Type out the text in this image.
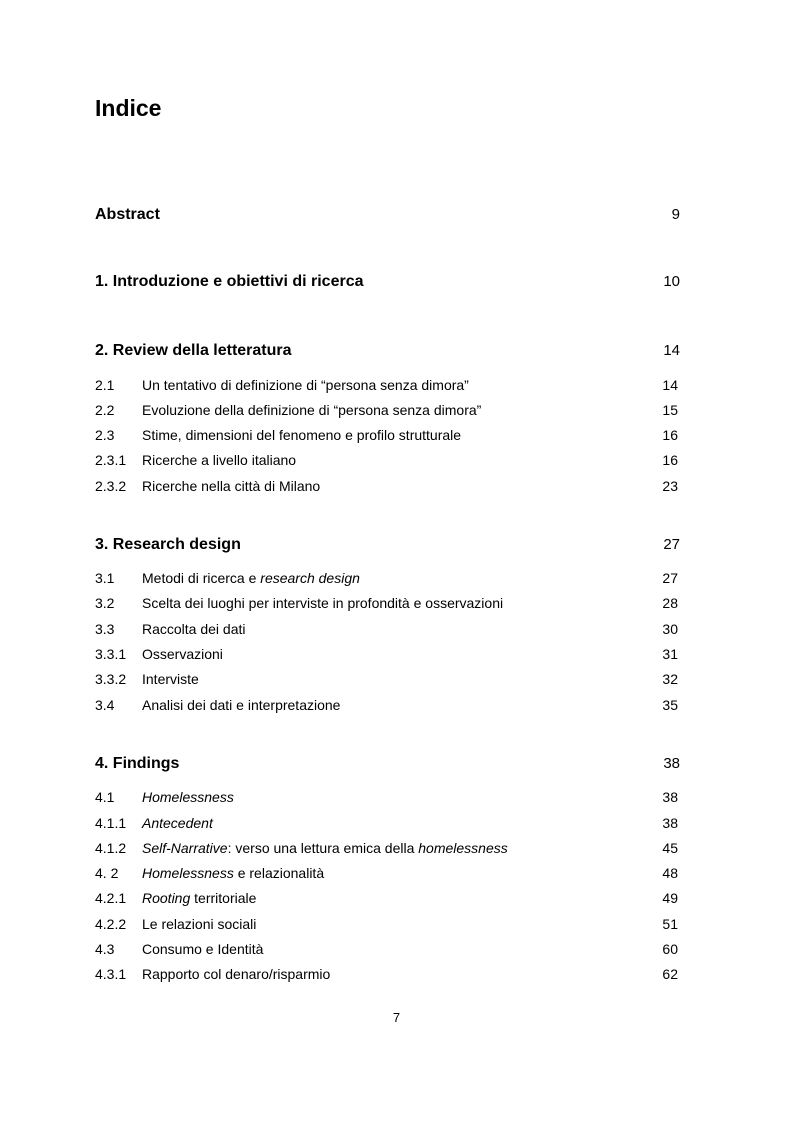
Indice
Abstract	9
1. Introduzione e obiettivi di ricerca	10
2. Review della letteratura	14
2.1 Un tentativo di definizione di “persona senza dimora”	14
2.2 Evoluzione della definizione di “persona senza dimora”	15
2.3 Stime, dimensioni del fenomeno e profilo strutturale	16
2.3.1 Ricerche a livello italiano	16
2.3.2 Ricerche nella città di Milano	23
3. Research design	27
3.1 Metodi di ricerca e research design	27
3.2 Scelta dei luoghi per interviste in profondità e osservazioni	28
3.3 Raccolta dei dati	30
3.3.1 Osservazioni	31
3.3.2 Interviste	32
3.4 Analisi dei dati e interpretazione	35
4. Findings	38
4.1 Homelessness	38
4.1.1 Antecedent	38
4.1.2 Self-Narrative: verso una lettura emica della homelessness	45
4. 2 Homelessness e relazionalità	48
4.2.1 Rooting territoriale	49
4.2.2 Le relazioni sociali	51
4.3 Consumo e Identità	60
4.3.1 Rapporto col denaro/risparmio	62
7
